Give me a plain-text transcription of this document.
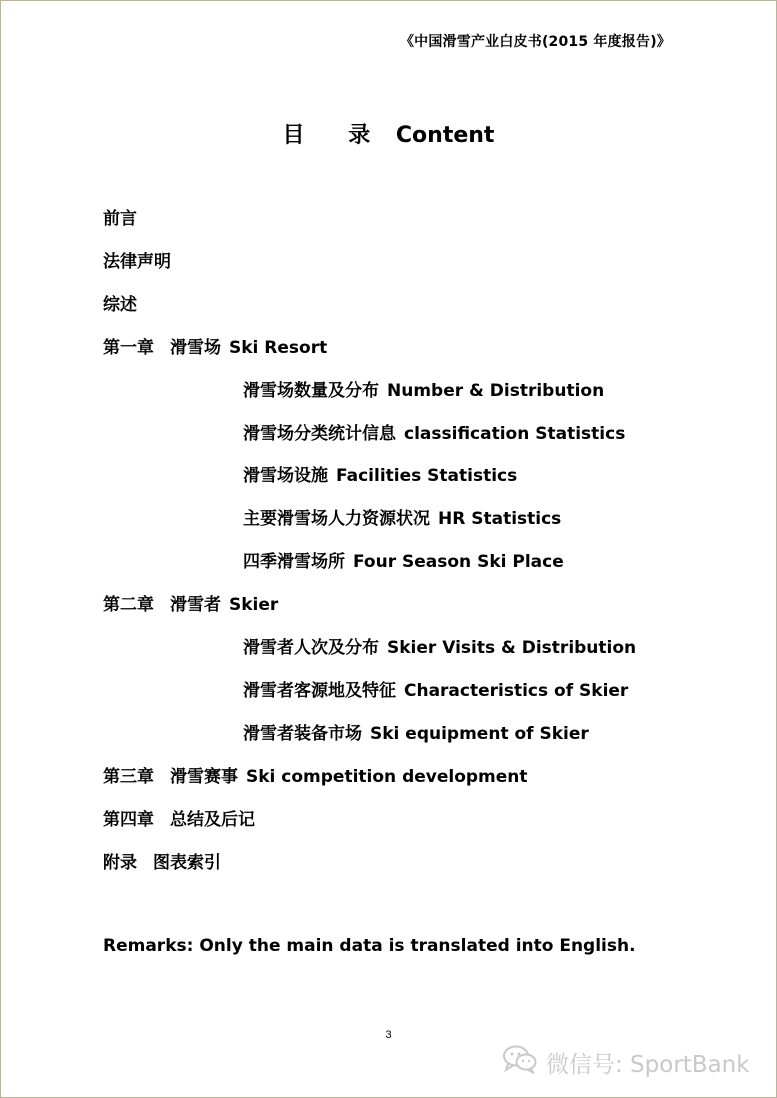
《中国滑雪产业白皮书(2015 年度报告)》
目 录 Content
前言
法律声明
综述
第一章 滑雪场 Ski Resort
滑雪场数量及分布 Number & Distribution
滑雪场分类统计信息 classification Statistics
滑雪场设施 Facilities Statistics
主要滑雪场人力资源状况 HR Statistics
四季滑雪场所 Four Season Ski Place
第二章 滑雪者 Skier
滑雪者人次及分布 Skier Visits & Distribution
滑雪者客源地及特征 Characteristics of Skier
滑雪者装备市场 Ski equipment of Skier
第三章 滑雪赛事 Ski competition development
第四章 总结及后记
附录 图表索引
Remarks: Only the main data is translated into English.
3
微信号: SportBank
